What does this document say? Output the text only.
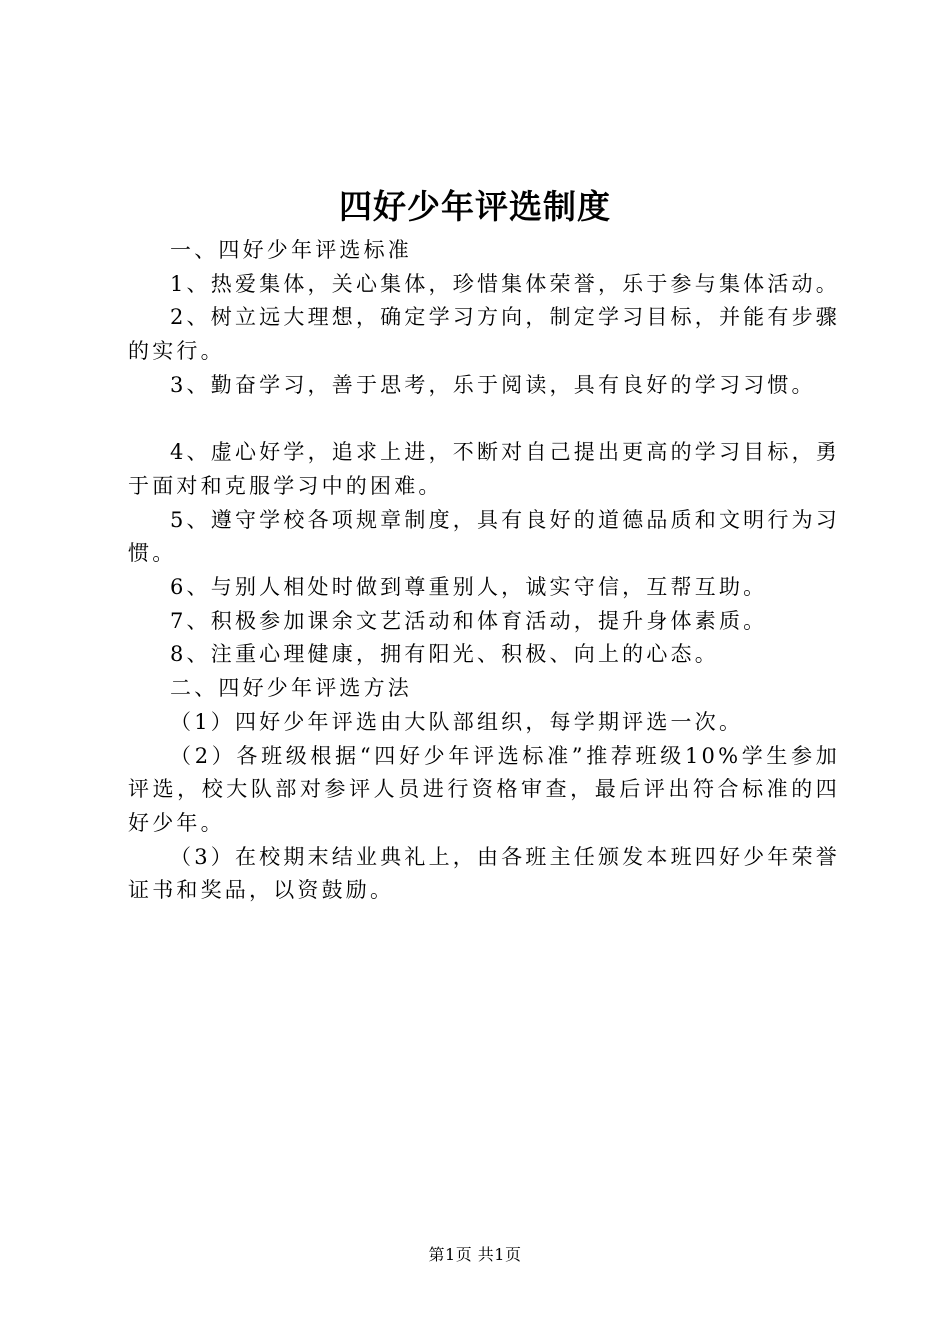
四好少年评选制度

一、四好少年评选标准

1、热爱集体，关心集体，珍惜集体荣誉，乐于参与集体活动。

2、树立远大理想，确定学习方向，制定学习目标，并能有步骤的实行。

3、勤奋学习，善于思考，乐于阅读，具有良好的学习习惯。

4、虚心好学，追求上进，不断对自己提出更高的学习目标，勇于面对和克服学习中的困难。

5、遵守学校各项规章制度，具有良好的道德品质和文明行为习惯。

6、与别人相处时做到尊重别人，诚实守信，互帮互助。

7、积极参加课余文艺活动和体育活动，提升身体素质。

8、注重心理健康，拥有阳光、积极、向上的心态。

二、四好少年评选方法

（1）四好少年评选由大队部组织，每学期评选一次。

（2）各班级根据“四好少年评选标准”推荐班级10%学生参加评选，校大队部对参评人员进行资格审查，最后评出符合标准的四好少年。

（3）在校期末结业典礼上，由各班主任颁发本班四好少年荣誉证书和奖品，以资鼓励。

第1页 共1页
